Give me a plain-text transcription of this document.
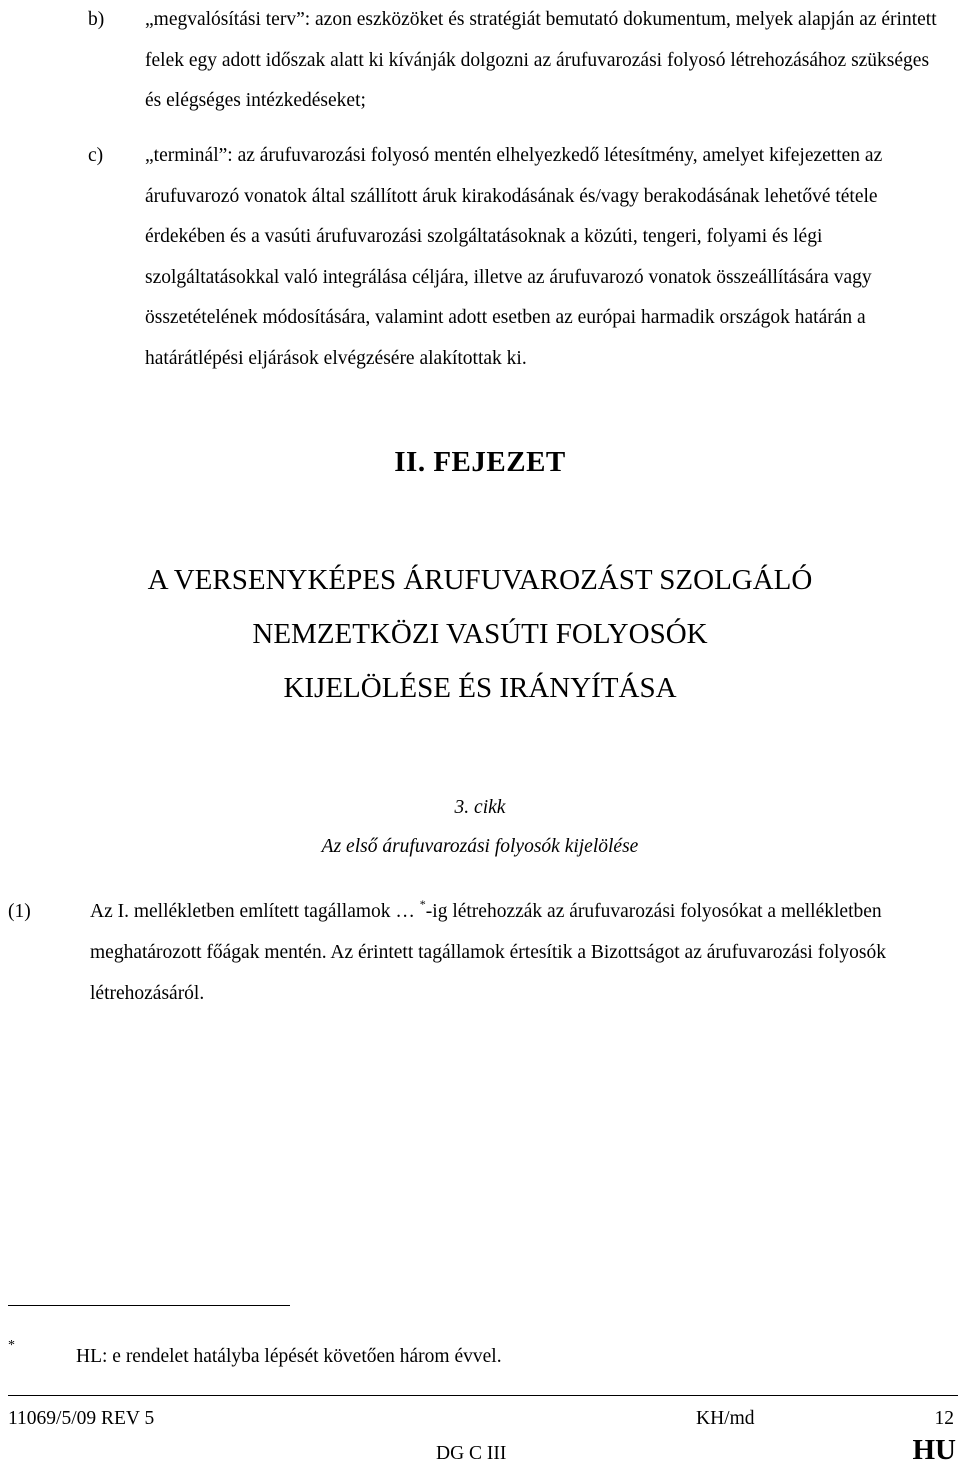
b) „megvalósítási terv”: azon eszközöket és stratégiát bemutató dokumentum, melyek alapján az érintett felek egy adott időszak alatt ki kívánják dolgozni az árufuvarozási folyosó létrehozásához szükséges és elégséges intézkedéseket;
c) „terminál”: az árufuvarozási folyosó mentén elhelyezkedő létesítmény, amelyet kifejezetten az árufuvarozó vonatok által szállított áruk kirakodásának és/vagy berakodásának lehetővé tétele érdekében és a vasúti árufuvarozási szolgáltatásoknak a közúti, tengeri, folyami és légi szolgáltatásokkal való integrálása céljára, illetve az árufuvarozó vonatok összeállítására vagy összetételének módosítására, valamint adott esetben az európai harmadik országok határán a határátlépési eljárások elvégzésére alakítottak ki.
II. FEJEZET
A VERSENYKÉPES ÁRUFUVAROZÁST SZOLGÁLÓ
NEMZETKÖZI VASÚTI FOLYOSÓK
KIJELÖLÉSE ÉS IRÁNYÍTÁSA
3. cikk
Az első árufuvarozási folyosók kijelölése
(1)	Az I. mellékletben említett tagállamok … *-ig létrehozzák az árufuvarozási folyosókat a mellékletben meghatározott főágak mentén. Az érintett tagállamok értesítik a Bizottságot az árufuvarozási folyosók létrehozásáról.
*
HL: e rendelet hatályba lépését követően három évvel.
11069/5/09 REV 5	KH/md	12
DG C III	HU
